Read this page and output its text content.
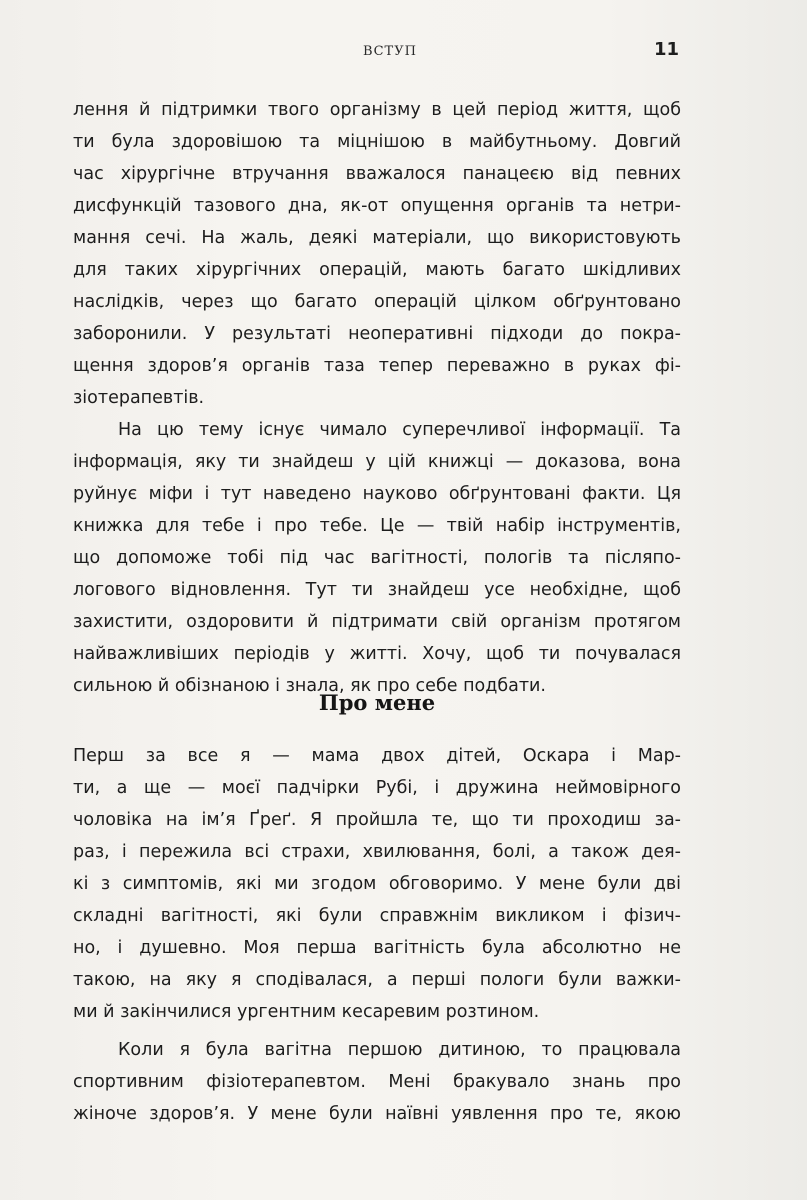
ВСТУП	11
лення й підтримки твого організму в цей період життя, щоб
ти була здоровішою та міцнішою в майбутньому. Довгий
час хірургічне втручання вважалося панацеєю від певних
дисфункцій тазового дна, як-от опущення органів та нетри-
мання сечі. На жаль, деякі матеріали, що використовують
для таких хірургічних операцій, мають багато шкідливих
наслідків, через що багато операцій цілком обґрунтовано
заборонили. У результаті неоперативні підходи до покра-
щення здоров’я органів таза тепер переважно в руках фі-
зіотерапевтів.
На цю тему існує чимало суперечливої інформації. Та
інформація, яку ти знайдеш у цій книжці — доказова, вона
руйнує міфи і тут наведено науково обґрунтовані факти. Ця
книжка для тебе і про тебе. Це — твій набір інструментів,
що допоможе тобі під час вагітності, пологів та післяпо-
логового відновлення. Тут ти знайдеш усе необхідне, щоб
захистити, оздоровити й підтримати свій організм протягом
найважливіших періодів у житті. Хочу, щоб ти почувалася
Про мене
Перш за все я — мама двох дітей, Оскара і Мар-
ти, а ще — моєї падчірки Рубі, і дружина неймовірного
чоловіка на ім’я Ґреґ. Я пройшла те, що ти проходиш за-
раз, і пережила всі страхи, хвилювання, болі, а також дея-
кі з симптомів, які ми згодом обговоримо. У мене були дві
складні вагітності, які були справжнім викликом і фізич-
но, і душевно. Моя перша вагітність була абсолютно не
такою, на яку я сподівалася, а перші пологи були важки-
ми й закінчилися ургентним кесаревим розтином.
Коли я була вагітна першою дитиною, то працювала
спортивним фізіотерапевтом. Мені бракувало знань про
жіноче здоров’я. У мене були наївні уявлення про те, якою
сильною й обізнаною і знала, як про себе подбати.
